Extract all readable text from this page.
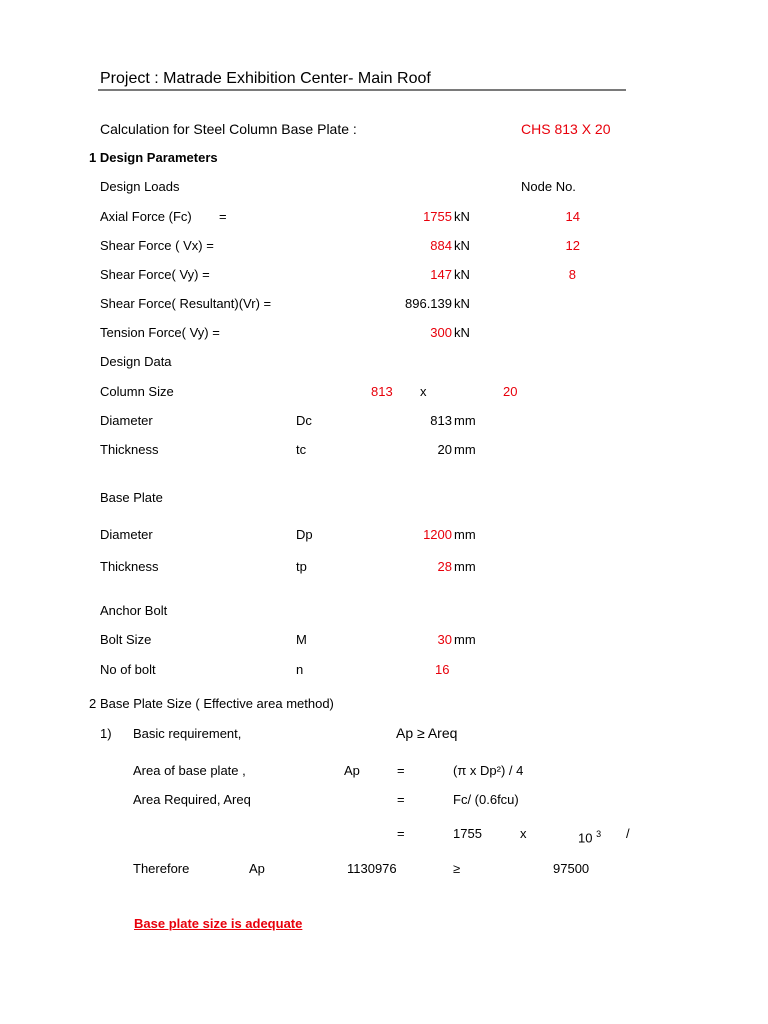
Project : Matrade Exhibition Center- Main Roof
Calculation for Steel Column Base Plate :	CHS 813 X 20
1 Design Parameters
Design Loads	Node No.
Axial Force (Fc) =	1755 kN	14
Shear Force ( Vx) =	884 kN	12
Shear Force( Vy) =	147 kN	8
Shear Force( Resultant)(Vr) =	896.139 kN
Tension Force( Vy) =	300 kN
Design Data
Column Size	813 x	20
Diameter	Dc	813 mm
Thickness	tc	20 mm
Base Plate
Diameter	Dp	1200 mm
Thickness	tp	28 mm
Anchor Bolt
Bolt Size	M	30 mm
No of bolt	n	16
2 Base Plate Size ( Effective area method)
1) Basic requirement,	Ap ≥ Areq
Area of base plate ,	Ap	=	(π x Dp²) / 4
Area Required, Areq	=	Fc/ (0.6fcu)
=	1755	x	10 $^3$ /
Therefore	Ap	1130976	≥	97500
Base plate size is adequate
